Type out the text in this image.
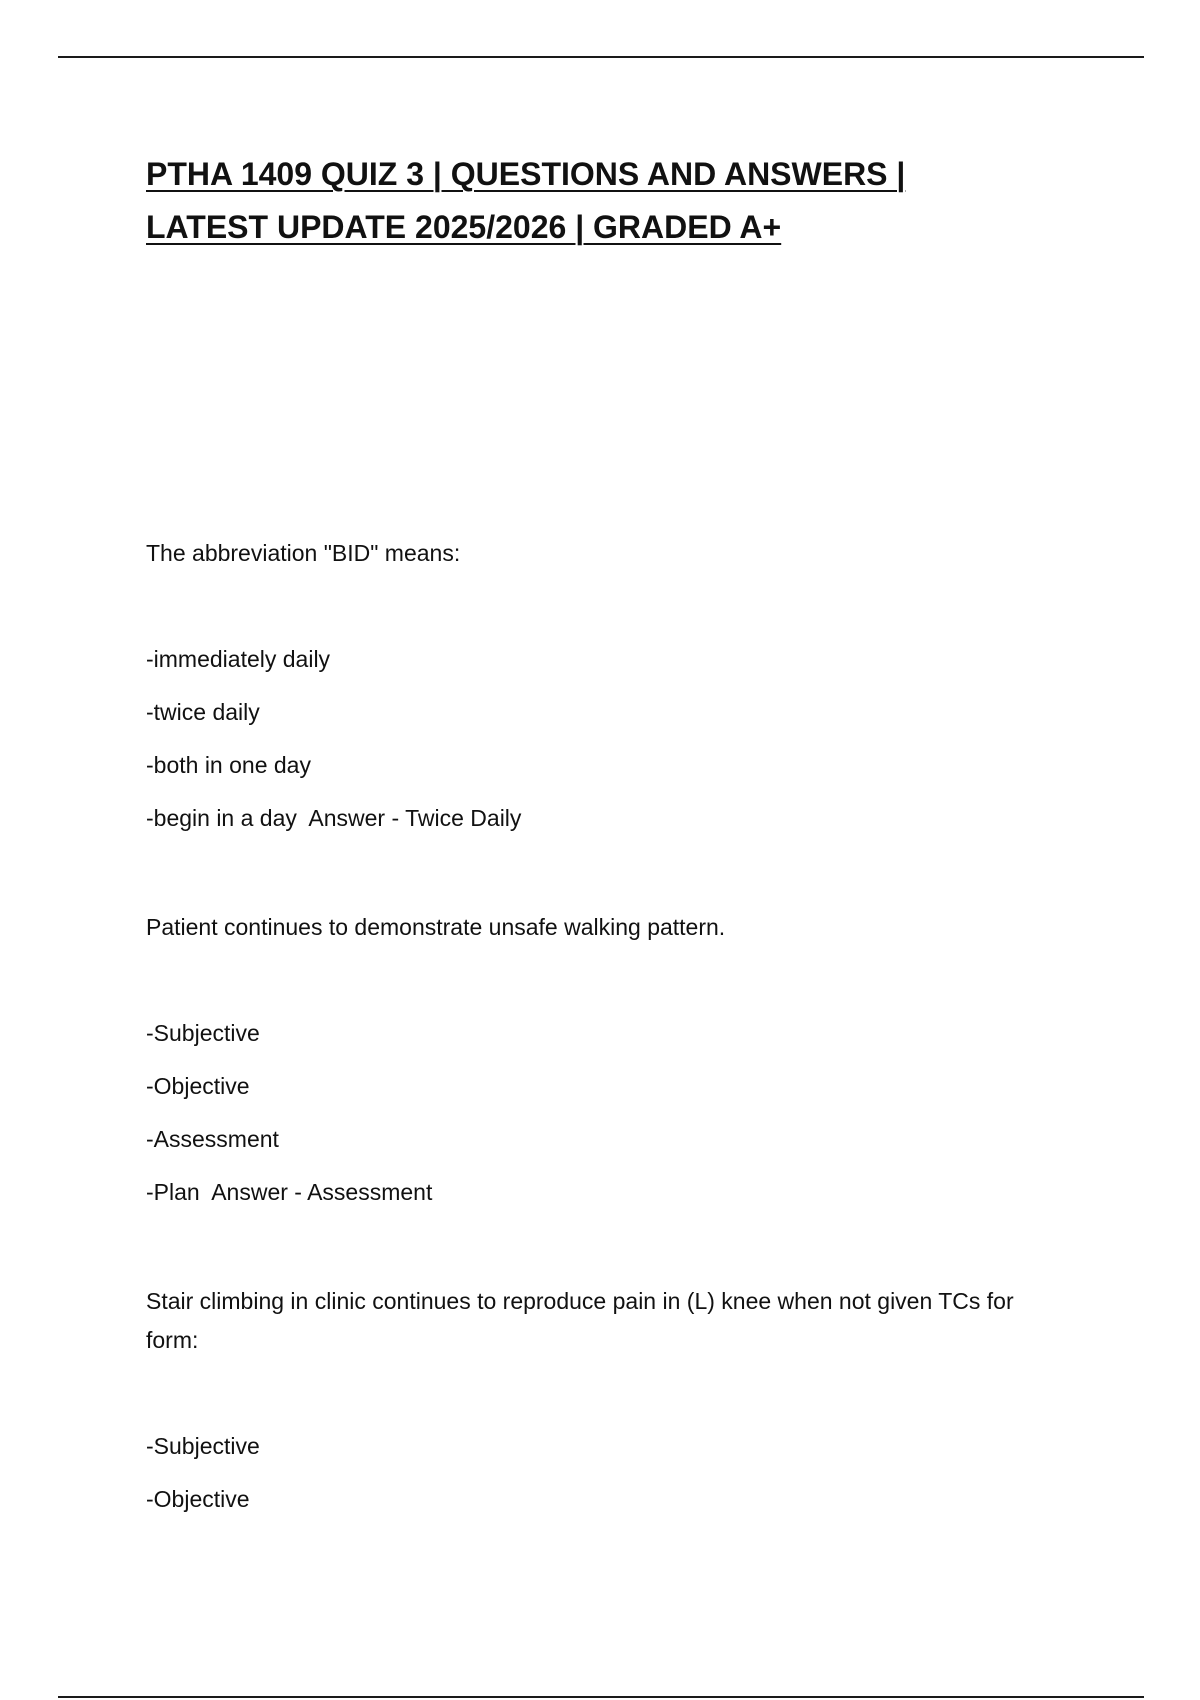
PTHA 1409 QUIZ 3 | QUESTIONS AND ANSWERS |
LATEST UPDATE 2025/2026 | GRADED A+

The abbreviation "BID" means:

-immediately daily
-twice daily
-both in one day
-begin in a day  Answer - Twice Daily

Patient continues to demonstrate unsafe walking pattern.

-Subjective
-Objective
-Assessment
-Plan  Answer - Assessment

Stair climbing in clinic continues to reproduce pain in (L) knee when not given TCs for form:

-Subjective
-Objective
